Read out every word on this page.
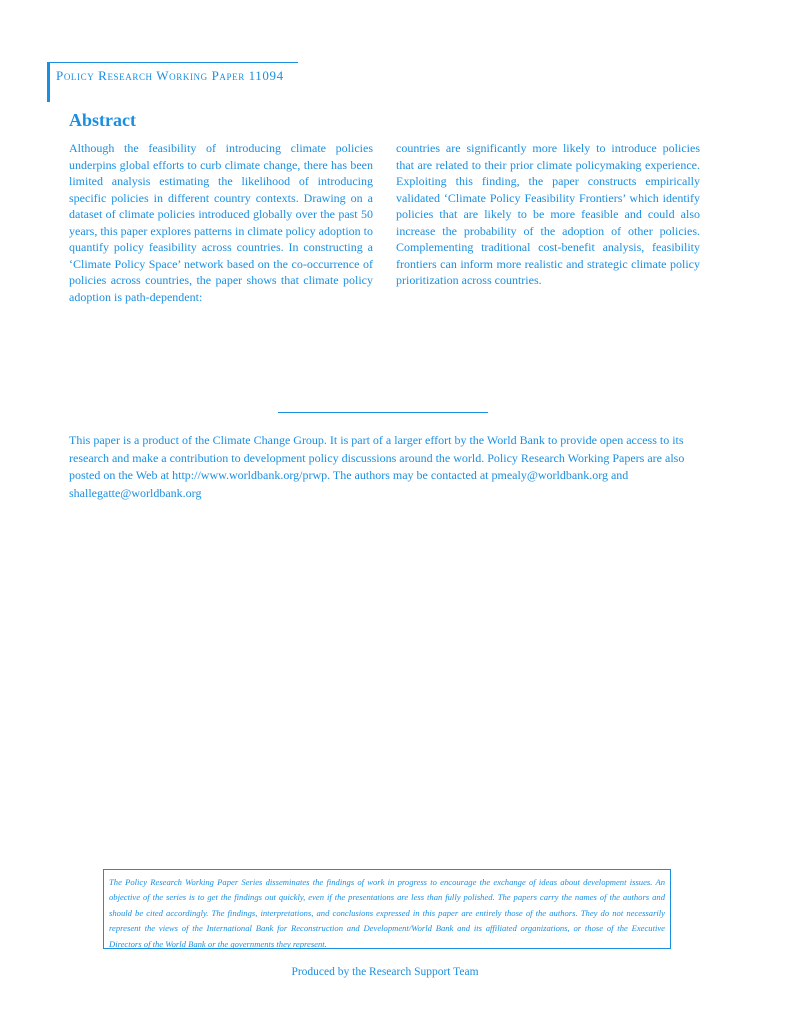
Policy Research Working Paper 11094
Abstract

Although the feasibility of introducing climate policies underpins global efforts to curb climate change, there has been limited analysis estimating the likelihood of introducing specific policies in different country contexts. Drawing on a dataset of climate policies introduced globally over the past 50 years, this paper explores patterns in climate policy adoption to quantify policy feasibility across countries. In constructing a ‘Climate Policy Space’ network based on the co-occurrence of policies across countries, the paper shows that climate policy adoption is path-dependent:

countries are significantly more likely to introduce policies that are related to their prior climate policymaking experience. Exploiting this finding, the paper constructs empirically validated ‘Climate Policy Feasibility Frontiers’ which identify policies that are likely to be more feasible and could also increase the probability of the adoption of other policies. Complementing traditional cost-benefit analysis, feasibility frontiers can inform more realistic and strategic climate policy prioritization across countries.

This paper is a product of the Climate Change Group. It is part of a larger effort by the World Bank to provide open access to its research and make a contribution to development policy discussions around the world. Policy Research Working Papers are also posted on the Web at http://www.worldbank.org/prwp. The authors may be contacted at pmealy@worldbank.org and shallegatte@worldbank.org

The Policy Research Working Paper Series disseminates the findings of work in progress to encourage the exchange of ideas about development issues. An objective of the series is to get the findings out quickly, even if the presentations are less than fully polished. The papers carry the names of the authors and should be cited accordingly. The findings, interpretations, and conclusions expressed in this paper are entirely those of the authors. They do not necessarily represent the views of the International Bank for Reconstruction and Development/World Bank and its affiliated organizations, or those of the Executive Directors of the World Bank or the governments they represent.
Produced by the Research Support Team
